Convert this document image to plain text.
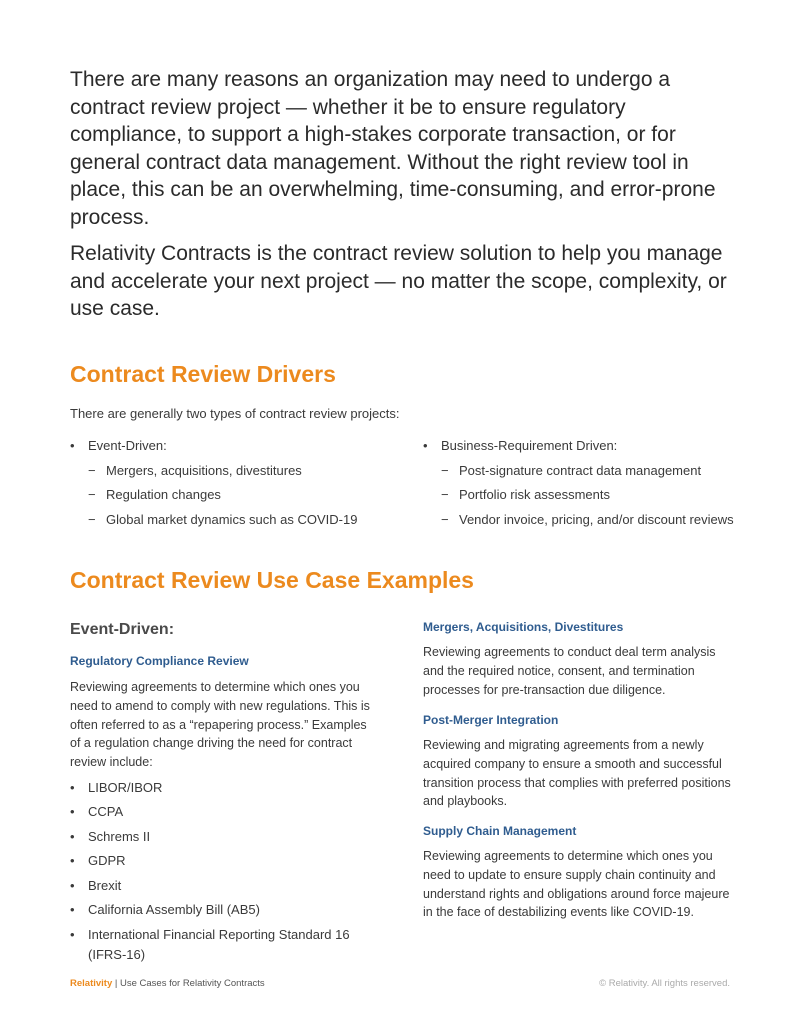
There are many reasons an organization may need to undergo a contract review project — whether it be to ensure regulatory compliance, to support a high-stakes corporate transaction, or for general contract data management. Without the right review tool in place, this can be an overwhelming, time-consuming, and error-prone process.

Relativity Contracts is the contract review solution to help you manage and accelerate your next project — no matter the scope, complexity, or use case.

Contract Review Drivers

There are generally two types of contract review projects:

• Event-Driven:
− Mergers, acquisitions, divestitures
− Regulation changes
− Global market dynamics such as COVID-19
• Business-Requirement Driven:
− Post-signature contract data management
− Portfolio risk assessments
− Vendor invoice, pricing, and/or discount reviews
Contract Review Use Case Examples
Event-Driven:

Regulatory Compliance Review

Reviewing agreements to determine which ones you need to amend to comply with new regulations. This is often referred to as a “repapering process.” Examples of a regulation change driving the need for contract review include:

• LIBOR/IBOR
• CCPA
• Schrems II
• GDPR
• Brexit
• California Assembly Bill (AB5)
• International Financial Reporting Standard 16 (IFRS-16)

Mergers, Acquisitions, Divestitures

Reviewing agreements to conduct deal term analysis and the required notice, consent, and termination processes for pre-transaction due diligence.

Post-Merger Integration

Reviewing and migrating agreements from a newly acquired company to ensure a smooth and successful transition process that complies with preferred positions and playbooks.

Supply Chain Management

Reviewing agreements to determine which ones you need to update to ensure supply chain continuity and understand rights and obligations around force majeure in the face of destabilizing events like COVID-19.

Relativity | Use Cases for Relativity Contracts	© Relativity. All rights reserved.
